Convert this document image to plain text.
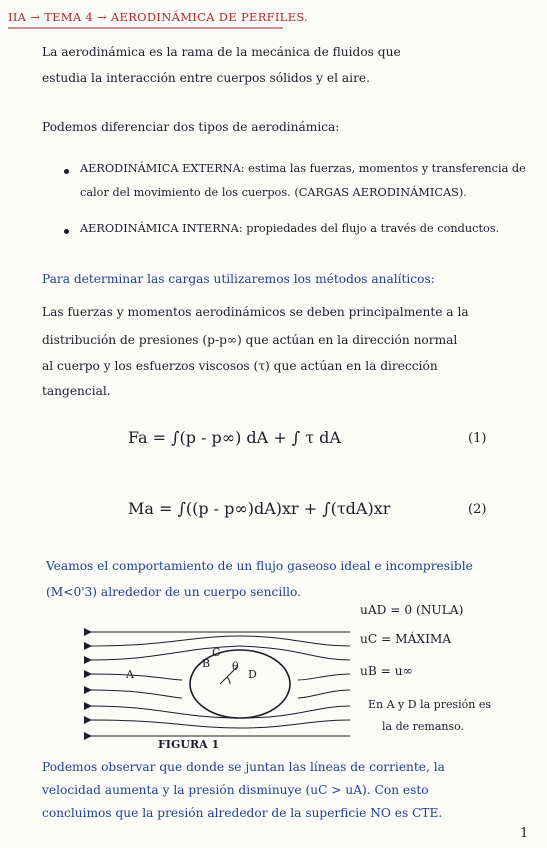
IIA → TEMA 4 → AERODINÁMICA DE PERFILES.
La aerodinámica es la rama de la mecánica de fluidos que
estudia la interacción entre cuerpos sólidos y el aire.
Podemos diferenciar dos tipos de aerodinámica:
AERODINÁMICA EXTERNA: estima las fuerzas, momentos y transferencia de
calor del movimiento de los cuerpos. (CARGAS AERODINÁMICAS).
AERODINÁMICA INTERNA: propiedades del flujo a través de conductos.
Para determinar las cargas utilizaremos los métodos analíticos:
Las fuerzas y momentos aerodinámicos se deben principalmente a la
distribución de presiones (p-p∞) que actúan en la dirección normal
al cuerpo y los esfuerzos viscosos (τ) que actúan en la dirección
tangencial.
Fa = ∫(p - p∞) dA + ∫ τ dA	(1)
Ma = ∫((p - p∞)dA)xr + ∫(τdA)xr	(2)
Veamos el comportamiento de un flujo gaseoso ideal e incompresible
(M<0'3) alrededor de un cuerpo sencillo.
A
B
C
D
θ
FIGURA 1
uAD = 0 (NULA)
uC = MÁXIMA
uB = u∞
En A y D la presión es
la de remanso.
Podemos observar que donde se juntan las líneas de corriente, la
velocidad aumenta y la presión disminuye (uC > uA). Con esto
concluimos que la presión alrededor de la superficie NO es CTE.
1
